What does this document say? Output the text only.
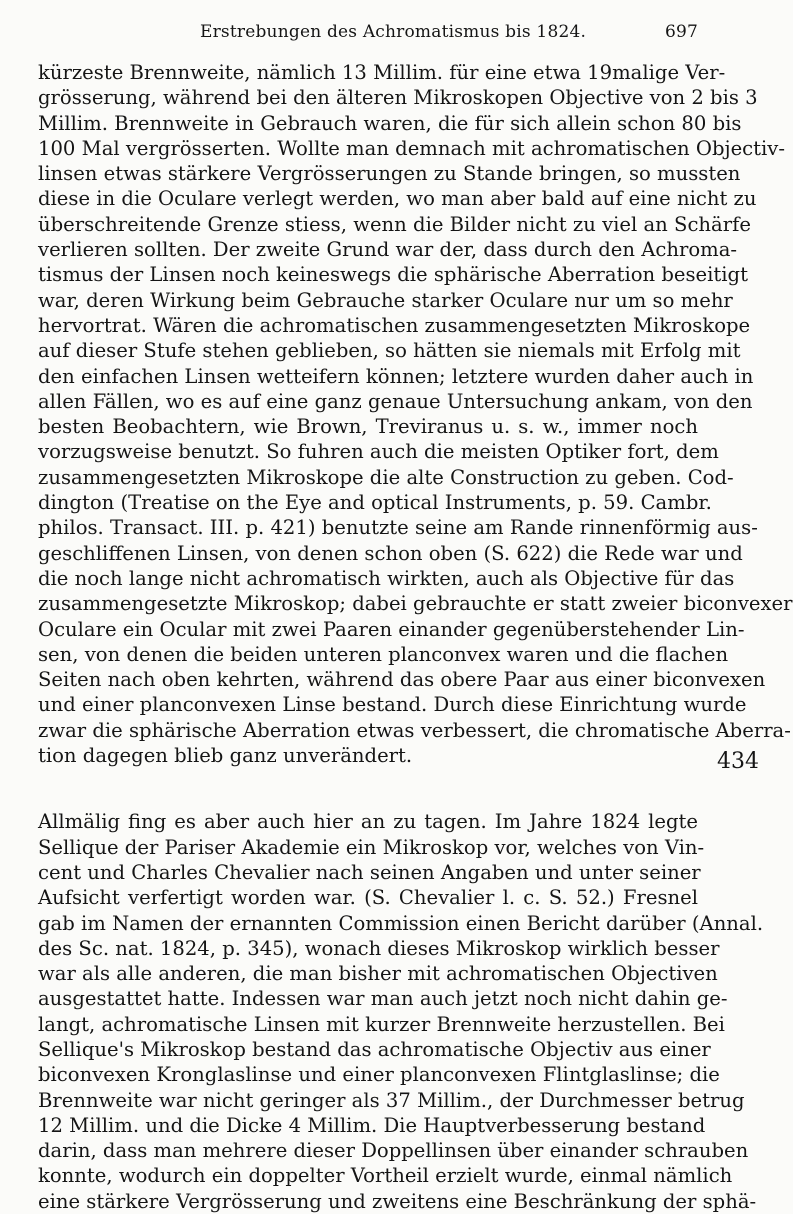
Erstrebungen des Achromatismus bis 1824.	697
434
kürzeste Brennweite, nämlich 13 Millim. für eine etwa 19malige Ver-
grösserung, während bei den älteren Mikroskopen Objective von 2 bis 3
Millim. Brennweite in Gebrauch waren, die für sich allein schon 80 bis
100 Mal vergrösserten. Wollte man demnach mit achromatischen Objectiv-
linsen etwas stärkere Vergrösserungen zu Stande bringen, so mussten
diese in die Oculare verlegt werden, wo man aber bald auf eine nicht zu
überschreitende Grenze stiess, wenn die Bilder nicht zu viel an Schärfe
verlieren sollten. Der zweite Grund war der, dass durch den Achroma-
tismus der Linsen noch keineswegs die sphärische Aberration beseitigt
war, deren Wirkung beim Gebrauche starker Oculare nur um so mehr
hervortrat. Wären die achromatischen zusammengesetzten Mikroskope
auf dieser Stufe stehen geblieben, so hätten sie niemals mit Erfolg mit
den einfachen Linsen wetteifern können; letztere wurden daher auch in
allen Fällen, wo es auf eine ganz genaue Untersuchung ankam, von den
besten Beobachtern, wie Brown, Treviranus u. s. w., immer noch
vorzugsweise benutzt. So fuhren auch die meisten Optiker fort, dem
zusammengesetzten Mikroskope die alte Construction zu geben. Cod-
dington (Treatise on the Eye and optical Instruments, p. 59. Cambr.
philos. Transact. III. p. 421) benutzte seine am Rande rinnenförmig aus-
geschliffenen Linsen, von denen schon oben (S. 622) die Rede war und
die noch lange nicht achromatisch wirkten, auch als Objective für das
zusammengesetzte Mikroskop; dabei gebrauchte er statt zweier biconvexer
Oculare ein Ocular mit zwei Paaren einander gegenüberstehender Lin-
sen, von denen die beiden unteren planconvex waren und die flachen
Seiten nach oben kehrten, während das obere Paar aus einer biconvexen
und einer planconvexen Linse bestand. Durch diese Einrichtung wurde
zwar die sphärische Aberration etwas verbessert, die chromatische Aberra-
tion dagegen blieb ganz unverändert.
Allmälig fing es aber auch hier an zu tagen. Im Jahre 1824 legte
Sellique der Pariser Akademie ein Mikroskop vor, welches von Vin-
cent und Charles Chevalier nach seinen Angaben und unter seiner
Aufsicht verfertigt worden war. (S. Chevalier l. c. S. 52.) Fresnel
gab im Namen der ernannten Commission einen Bericht darüber (Annal.
des Sc. nat. 1824, p. 345), wonach dieses Mikroskop wirklich besser
war als alle anderen, die man bisher mit achromatischen Objectiven
ausgestattet hatte. Indessen war man auch jetzt noch nicht dahin ge-
langt, achromatische Linsen mit kurzer Brennweite herzustellen. Bei
Sellique's Mikroskop bestand das achromatische Objectiv aus einer
biconvexen Kronglaslinse und einer planconvexen Flintglaslinse; die
Brennweite war nicht geringer als 37 Millim., der Durchmesser betrug
12 Millim. und die Dicke 4 Millim. Die Hauptverbesserung bestand
darin, dass man mehrere dieser Doppellinsen über einander schrauben
konnte, wodurch ein doppelter Vortheil erzielt wurde, einmal nämlich
eine stärkere Vergrösserung und zweitens eine Beschränkung der sphä-
